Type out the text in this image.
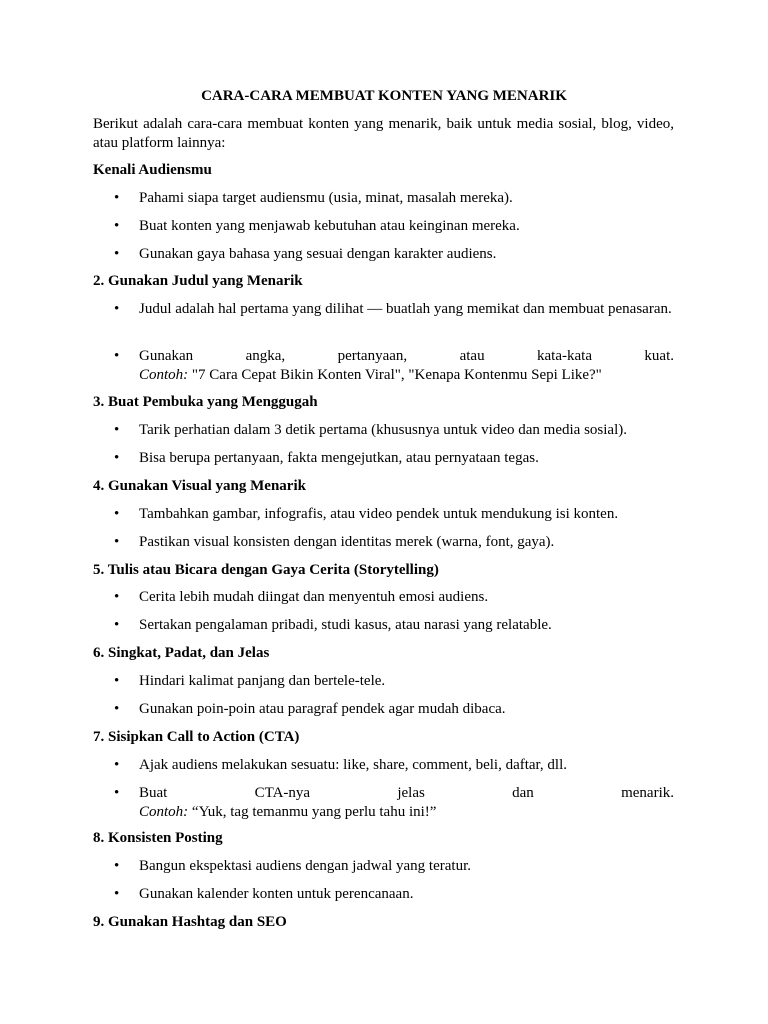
CARA-CARA MEMBUAT KONTEN YANG MENARIK

Berikut adalah cara-cara membuat konten yang menarik, baik untuk media sosial, blog, video, atau platform lainnya:

Kenali Audiensmu

• Pahami siapa target audiensmu (usia, minat, masalah mereka).

• Buat konten yang menjawab kebutuhan atau keinginan mereka.

• Gunakan gaya bahasa yang sesuai dengan karakter audiens.

2. Gunakan Judul yang Menarik

• Judul adalah hal pertama yang dilihat — buatlah yang memikat dan membuat penasaran.

• Gunakan	angka,	pertanyaan,	atau	kata-kata	kuat.
Contoh: "7 Cara Cepat Bikin Konten Viral", "Kenapa Kontenmu Sepi Like?"
3. Buat Pembuka yang Menggugah

• Tarik perhatian dalam 3 detik pertama (khususnya untuk video dan media sosial).

• Bisa berupa pertanyaan, fakta mengejutkan, atau pernyataan tegas.

4. Gunakan Visual yang Menarik

• Tambahkan gambar, infografis, atau video pendek untuk mendukung isi konten.

• Pastikan visual konsisten dengan identitas merek (warna, font, gaya).

5. Tulis atau Bicara dengan Gaya Cerita (Storytelling)

• Cerita lebih mudah diingat dan menyentuh emosi audiens.

• Sertakan pengalaman pribadi, studi kasus, atau narasi yang relatable.

6. Singkat, Padat, dan Jelas

• Hindari kalimat panjang dan bertele-tele.

• Gunakan poin-poin atau paragraf pendek agar mudah dibaca.

7. Sisipkan Call to Action (CTA)

• Ajak audiens melakukan sesuatu: like, share, comment, beli, daftar, dll.

• Buat	CTA-nya	jelas	dan	menarik.
Contoh: “Yuk, tag temanmu yang perlu tahu ini!”
8. Konsisten Posting

• Bangun ekspektasi audiens dengan jadwal yang teratur.

• Gunakan kalender konten untuk perencanaan.

9. Gunakan Hashtag dan SEO
